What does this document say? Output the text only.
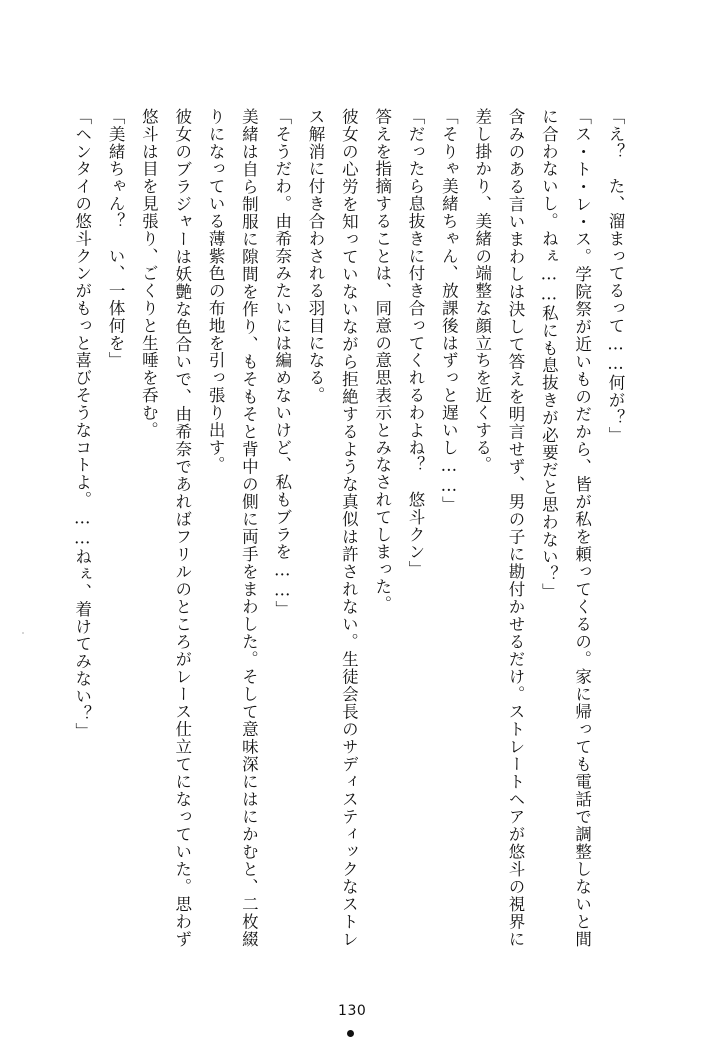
「え？　た、溜まってるって……何が？」

「ス・ト・レ・ス。学院祭が近いものだから、皆が私を頼ってくるの。家に帰っても電話で調整しないと間に合わないし。ねぇ……私にも息抜きが必要だと思わない？」

含みのある言いまわしは決して答えを明言せず、男の子に勘付かせるだけ。ストレートヘアが悠斗の視界に差し掛かり、美緒の端整な顔立ちを近くする。

「そりゃ美緒ちゃん、放課後はずっと遅いし……」

「だったら息抜きに付き合ってくれるわよね？　悠斗クン」

答えを指摘することは、同意の意思表示とみなされてしまった。

彼女の心労を知っていないながら拒絶するような真似は許されない。生徒会長のサディスティックなストレス解消に付き合わされる羽目になる。

「そうだわ。由希奈みたいには編めないけど、私もブラを……」

美緒は自ら制服に隙間を作り、もそもそと背中の側に両手をまわした。そして意味深にはにかむと、二枚綴りになっている薄紫色の布地を引っ張り出す。

彼女のブラジャーは妖艶な色合いで、由希奈であればフリルのところがレース仕立てになっていた。思わず悠斗は目を見張り、ごくりと生唾を呑む。

「美緒ちゃん？　い、一体何を」

「ヘンタイの悠斗クンがもっと喜びそうなコトよ。……ねぇ、着けてみない？」

130
